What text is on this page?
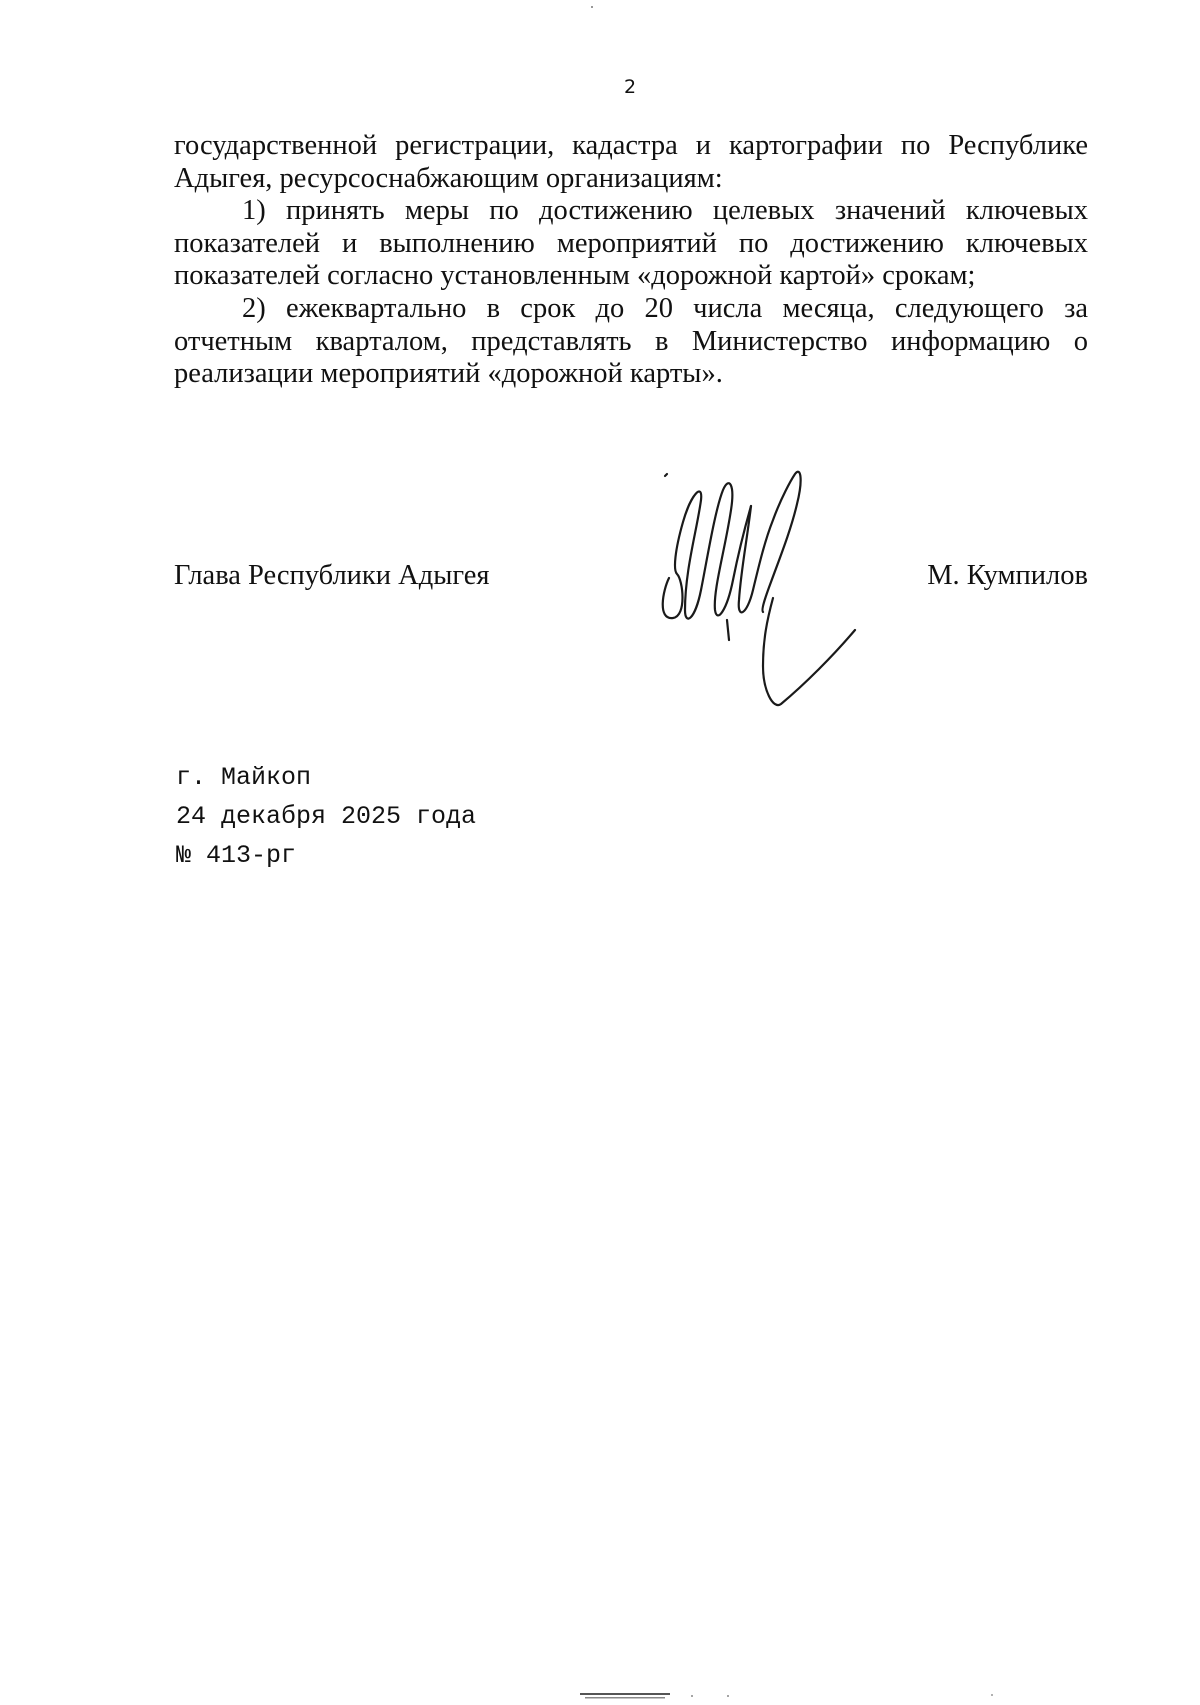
2

государственной регистрации, кадастра и картографии по Республике Адыгея, ресурсоснабжающим организациям:

1) принять меры по достижению целевых значений ключевых показателей и выполнению мероприятий по достижению ключевых показателей согласно установленным «дорожной картой» срокам;

2) ежеквартально в срок до 20 числа месяца, следующего за отчетным кварталом, представлять в Министерство информацию о реализации мероприятий «дорожной карты».

Глава Республики Адыгея	М. Кумпилов
г. Майкоп
24 декабря 2025 года
№ 413-рг
